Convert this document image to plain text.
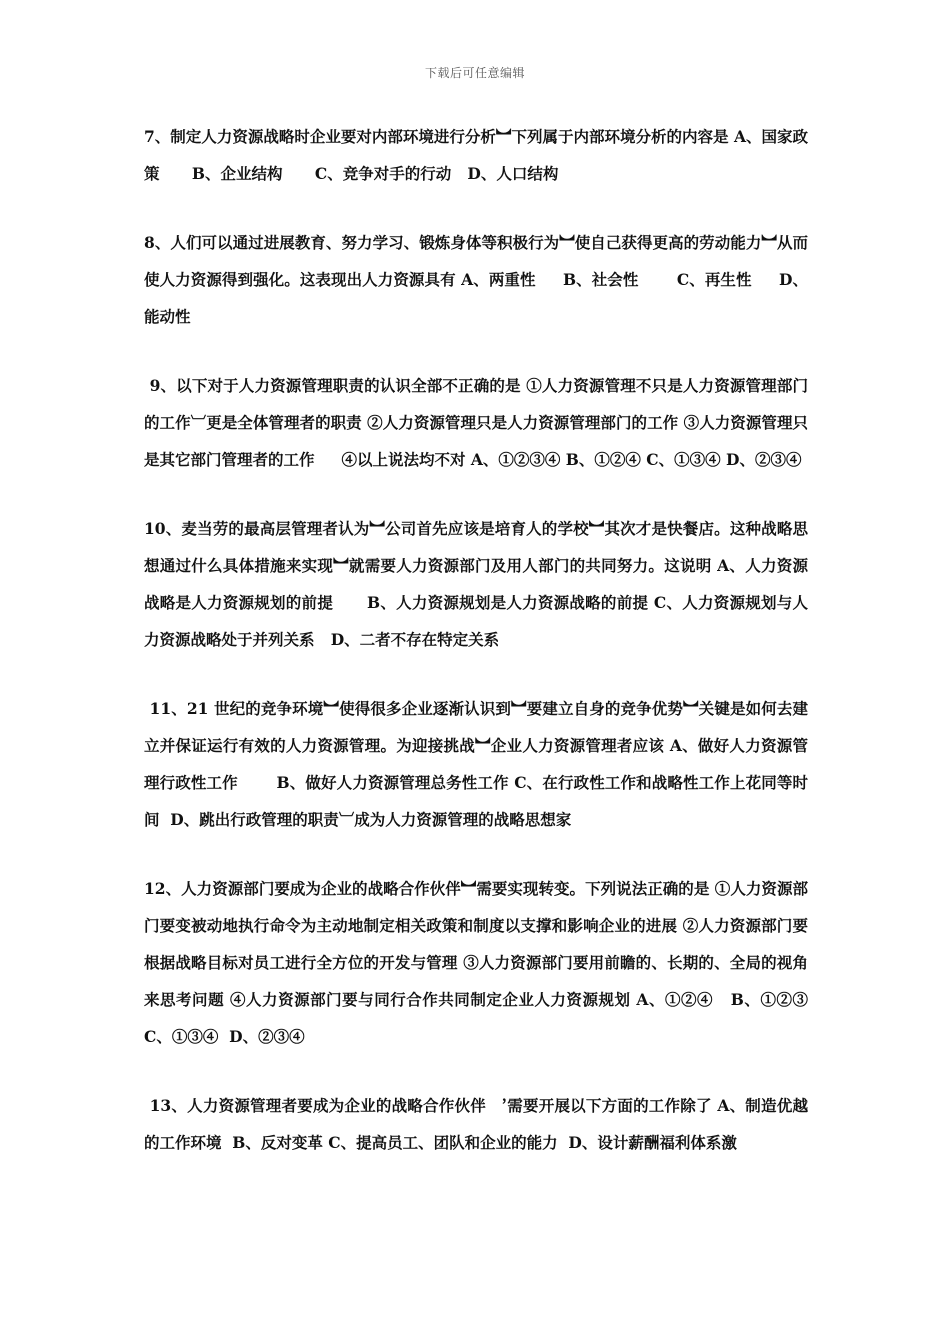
下载后可任意编辑

7、制定人力资源战略时企业要对内部环境进行分析︼下列属于内部环境分析的内容是 A、国家政策      B、企业结构      C、竞争对手的行动   D、人口结构

8、人们可以通过进展教育、努力学习、锻炼身体等积极行为︼使自己获得更高的劳动能力︼从而使人力资源得到强化。这表现出人力资源具有 A、两重性     B、社会性       C、再生性     D、能动性

9、以下对于人力资源管理职责的认识全部不正确的是 ①人力资源管理不只是人力资源管理部门的工作︺更是全体管理者的职责 ②人力资源管理只是人力资源管理部门的工作 ③人力资源管理只是其它部门管理者的工作     ④以上说法均不对 A、①②③④ B、①②④ C、①③④ D、②③④

10、麦当劳的最高层管理者认为︼公司首先应该是培育人的学校︼其次才是快餐店。这种战略思想通过什么具体措施来实现︼就需要人力资源部门及用人部门的共同努力。这说明 A、人力资源战略是人力资源规划的前提      B、人力资源规划是人力资源战略的前提 C、人力资源规划与人力资源战略处于并列关系   D、二者不存在特定关系

11、21 世纪的竞争环境︼使得很多企业逐渐认识到︼要建立自身的竞争优势︼关键是如何去建立并保证运行有效的人力资源管理。为迎接挑战︼企业人力资源管理者应该 A、做好人力资源管理行政性工作       B、做好人力资源管理总务性工作 C、在行政性工作和战略性工作上花同等时间  D、跳出行政管理的职责︺成为人力资源管理的战略思想家

12、人力资源部门要成为企业的战略合作伙伴︼需要实现转变。下列说法正确的是 ①人力资源部门要变被动地执行命令为主动地制定相关政策和制度以支撑和影响企业的进展 ②人力资源部门要根据战略目标对员工进行全方位的开发与管理 ③人力资源部门要用前瞻的、长期的、全局的视角来思考问题 ④人力资源部门要与同行合作共同制定企业人力资源规划 A、①②④   B、①②③  C、①③④  D、②③④

13、人力资源管理者要成为企业的战略合作伙伴 ︐需要开展以下方面的工作除了 A、制造优越的工作环境  B、反对变革 C、提高员工、团队和企业的能力  D、设计薪酬福利体系激
